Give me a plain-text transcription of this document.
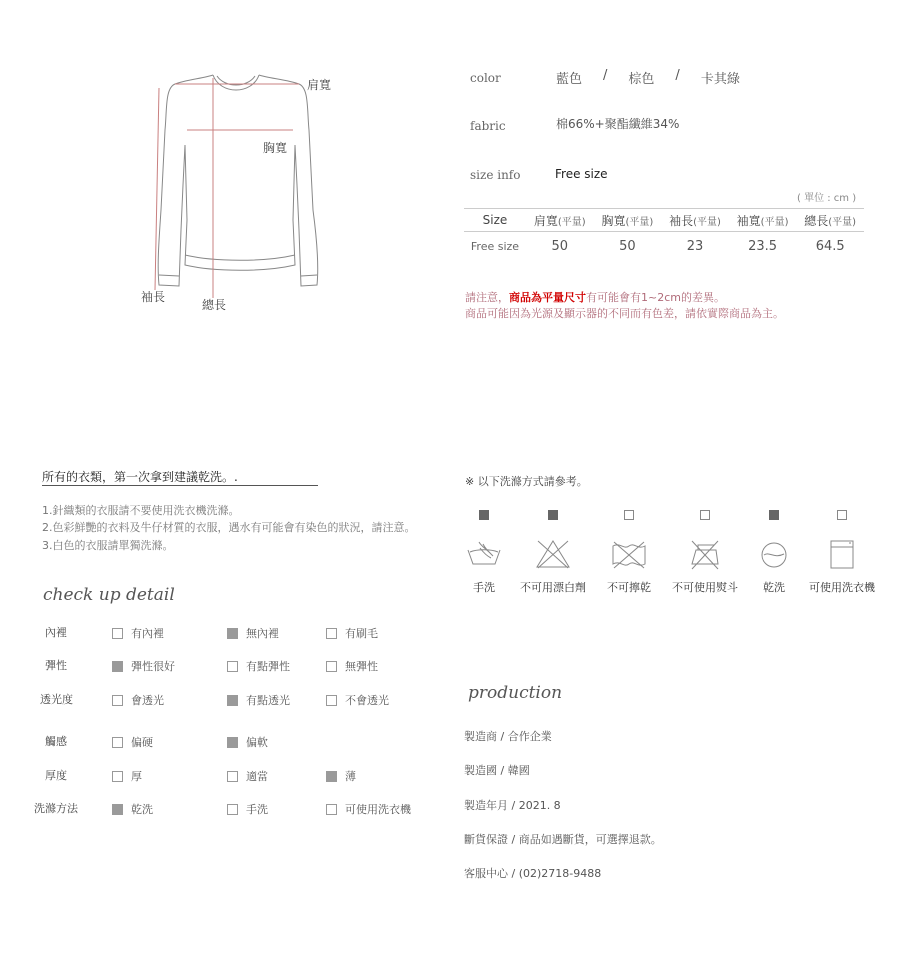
肩寬
胸寬
袖長
總長
color	藍色 / 棕色 / 卡其綠
fabric	棉66%+聚酯纖維34%
size info	Free size
( 單位 : cm )
Size	肩寬(平量)	胸寬(平量)	袖長(平量)	袖寬(平量)	總長(平量)
Free size	50	50	23	23.5	64.5
請注意，商品為平量尺寸有可能會有1~2cm的差異。
商品可能因為光源及顯示器的不同而有色差，請依實際商品為主。
所有的衣類，第一次拿到建議乾洗。.
1.針織類的衣服請不要使用洗衣機洗滌。
2.色彩鮮艷的衣料及牛仔材質的衣服，遇水有可能會有染色的狀況，請注意。
3.白色的衣服請單獨洗滌。
check up detail
內裡	有內裡	無內裡	有刷毛
彈性	彈性很好	有點彈性	無彈性
透光度	會透光	有點透光	不會透光
觸感	偏硬	偏軟
厚度	厚	適當	薄
洗滌方法	乾洗	手洗	可使用洗衣機
※ 以下洗滌方式請參考。
手洗	不可用漂白劑	不可擰乾	不可使用熨斗	乾洗	可使用洗衣機
production
製造商 / 合作企業
製造國 / 韓國
製造年月 / 2021. 8
斷貨保證 / 商品如遇斷貨，可選擇退款。
客服中心 / (02)2718-9488
